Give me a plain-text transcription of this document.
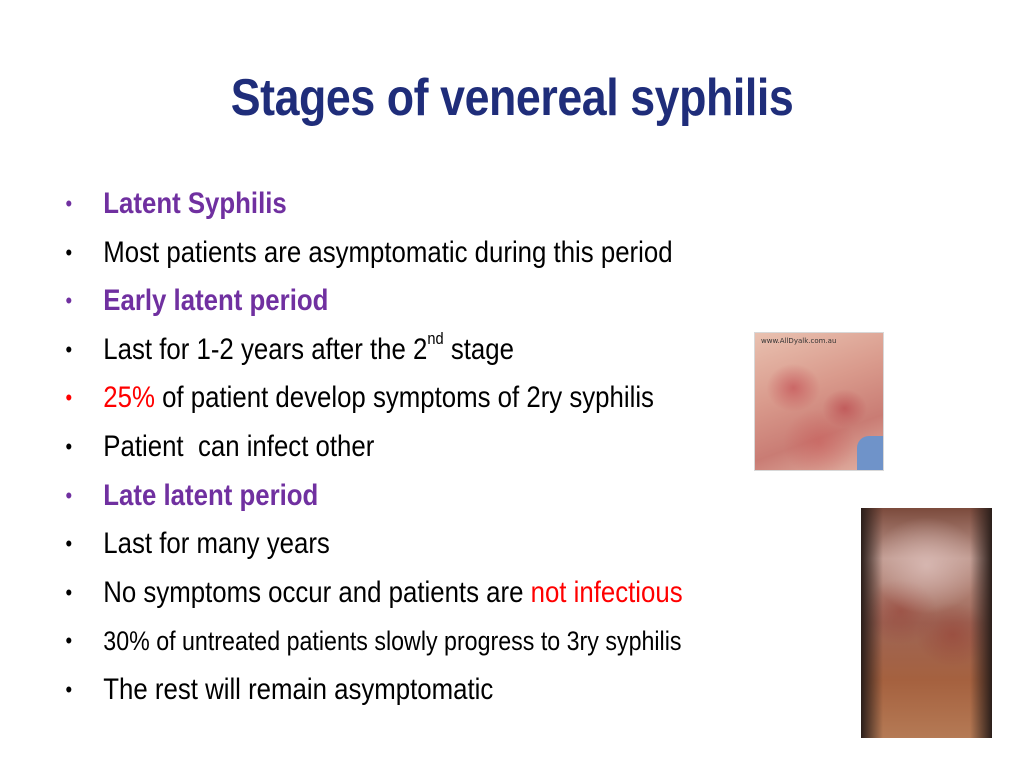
Stages of venereal syphilis
• Latent Syphilis
• Most patients are asymptomatic during this period
• Early latent period
• Last for 1-2 years after the 2nd stage
• 25% of patient develop symptoms of 2ry syphilis
• Patient  can infect other
• Late latent period
• Last for many years
• No symptoms occur and patients are not infectious
• 30% of untreated patients slowly progress to 3ry syphilis
• The rest will remain asymptomatic
www.AllDyalk.com.au
